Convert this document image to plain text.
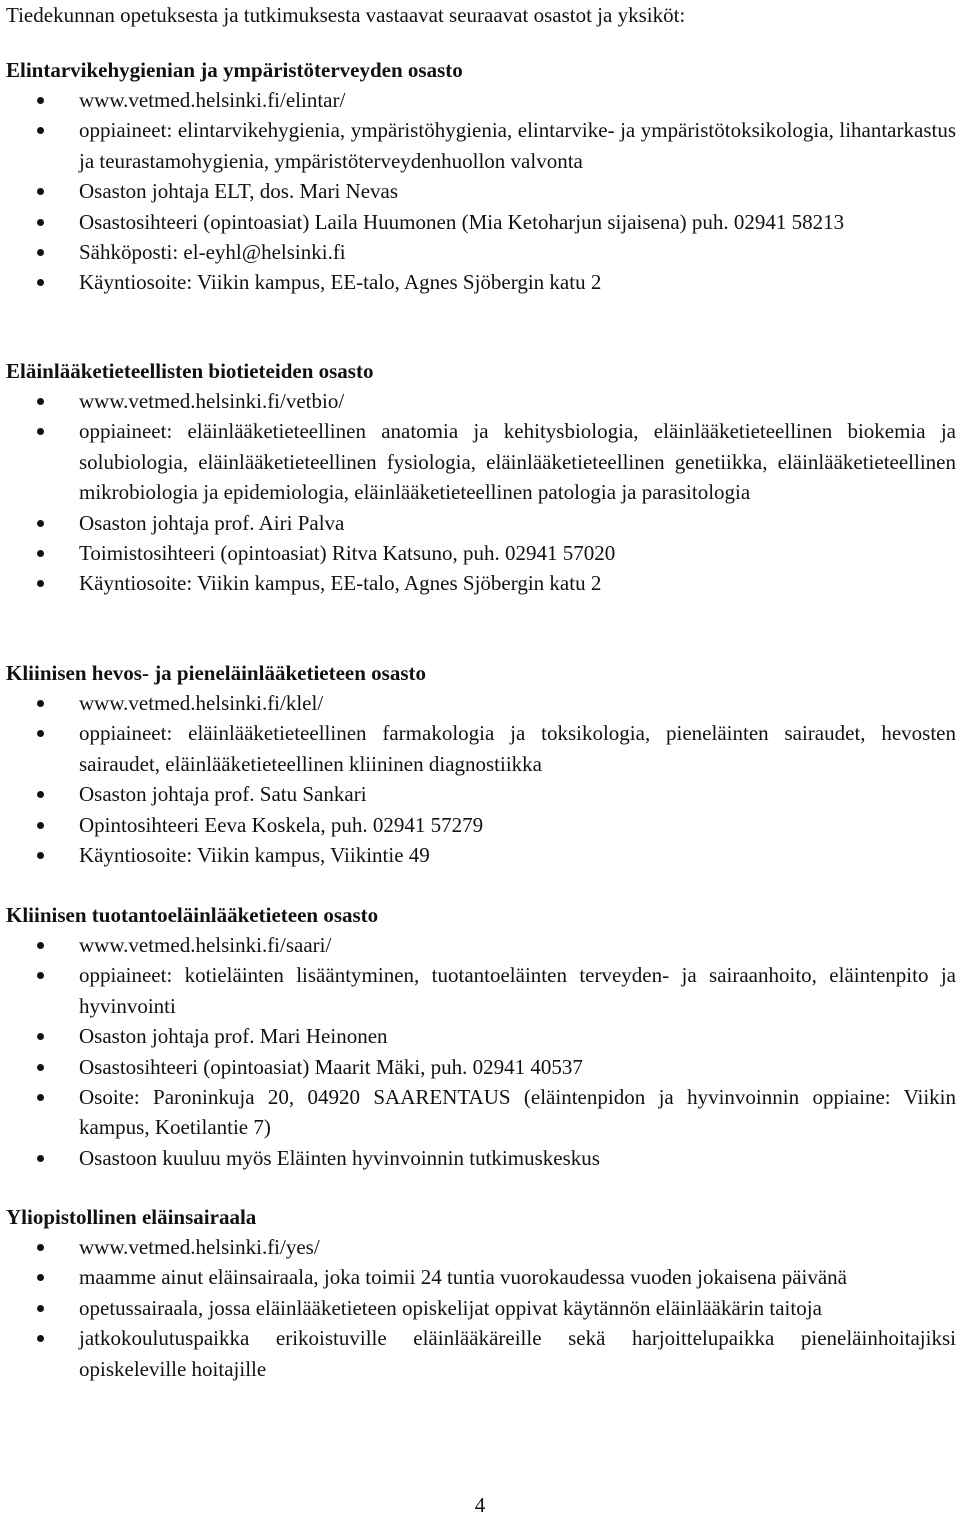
Tiedekunnan opetuksesta ja tutkimuksesta vastaavat seuraavat osastot ja yksiköt:

Elintarvikehygienian ja ympäristöterveyden osasto
www.vetmed.helsinki.fi/elintar/
oppiaineet: elintarvikehygienia, ympäristöhygienia, elintarvike- ja ympäristötoksikologia, lihantarkastus ja teurastamohygienia, ympäristöterveydenhuollon valvonta
Osaston johtaja ELT, dos. Mari Nevas
Osastosihteeri (opintoasiat) Laila Huumonen (Mia Ketoharjun sijaisena) puh. 02941 58213
Sähköposti: el-eyhl@helsinki.fi
Käyntiosoite: Viikin kampus, EE-talo, Agnes Sjöbergin katu 2
Eläinlääketieteellisten biotieteiden osasto
www.vetmed.helsinki.fi/vetbio/
oppiaineet: eläinlääketieteellinen anatomia ja kehitysbiologia, eläinlääketieteellinen biokemia ja solubiologia, eläinlääketieteellinen fysiologia, eläinlääketieteellinen genetiikka, eläinlääketieteellinen mikrobiologia ja epidemiologia, eläinlääketieteellinen patologia ja parasitologia
Osaston johtaja prof. Airi Palva
Toimistosihteeri (opintoasiat) Ritva Katsuno, puh. 02941 57020
Käyntiosoite: Viikin kampus, EE-talo, Agnes Sjöbergin katu 2
Kliinisen hevos- ja pieneläinlääketieteen osasto
www.vetmed.helsinki.fi/klel/
oppiaineet: eläinlääketieteellinen farmakologia ja toksikologia, pieneläinten sairaudet, hevosten sairaudet, eläinlääketieteellinen kliininen diagnostiikka
Osaston johtaja prof. Satu Sankari
Opintosihteeri Eeva Koskela, puh. 02941 57279
Käyntiosoite: Viikin kampus, Viikintie 49
Kliinisen tuotantoeläinlääketieteen osasto
www.vetmed.helsinki.fi/saari/
oppiaineet: kotieläinten lisääntyminen, tuotantoeläinten terveyden- ja sairaanhoito, eläintenpito ja hyvinvointi
Osaston johtaja prof. Mari Heinonen
Osastosihteeri (opintoasiat) Maarit Mäki, puh. 02941 40537
Osoite: Paroninkuja 20, 04920 SAARENTAUS (eläintenpidon ja hyvinvoinnin oppiaine: Viikin kampus, Koetilantie 7)
Osastoon kuuluu myös Eläinten hyvinvoinnin tutkimuskeskus
Yliopistollinen eläinsairaala
www.vetmed.helsinki.fi/yes/
maamme ainut eläinsairaala, joka toimii 24 tuntia vuorokaudessa vuoden jokaisena päivänä
opetussairaala, jossa eläinlääketieteen opiskelijat oppivat käytännön eläinlääkärin taitoja
jatkokoulutuspaikka erikoistuville eläinlääkäreille sekä harjoittelupaikka pieneläinhoitajiksi opiskeleville hoitajille

4
